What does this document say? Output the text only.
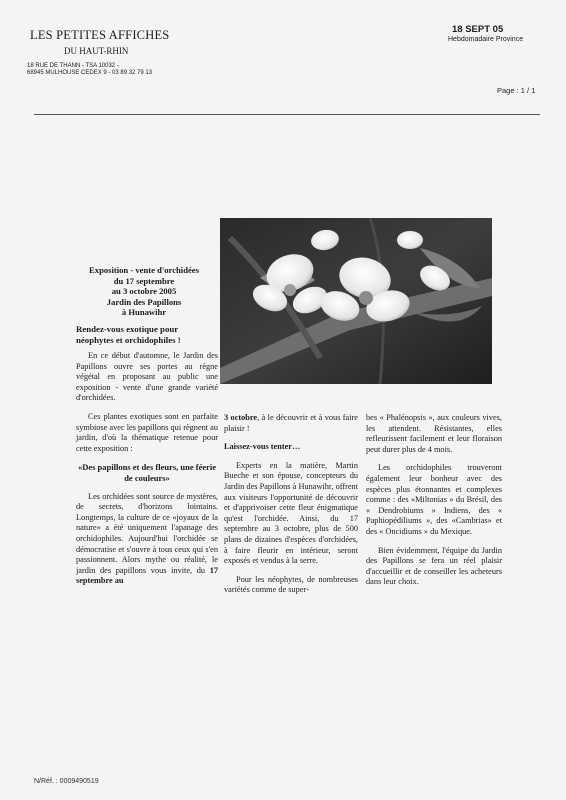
LES PETITES AFFICHES
DU HAUT-RHIN
18 RUE DE THANN - TSA 10032 -
68945 MULHOUSE CEDEX 9 - 03 89 32 79 13
18 SEPT 05
Hebdomadaire Province
Page : 1 / 1
Exposition - vente d'orchidées
du 17 septembre
au 3 octobre 2005
Jardin des Papillons
à Hunawihr
Rendez-vous exotique pour néophytes et orchidophiles !

En ce début d'automne, le Jardin des Papillons ouvre ses portes au règne végétal en proposant au public une exposition - vente d'une grande variété d'orchidées.

Ces plantes exotiques sont en parfaite symbiose avec les papillons qui règnent au jardin, d'où la thématique retenue pour cette exposition :

«Des papillons et des fleurs, une féerie de couleurs»

Les orchidées sont source de mystères, de secrets, d'horizons lointains. Longtemps, la culture de ce «joyaux de la nature» a été uniquement l'apanage des orchidophiles. Aujourd'hui l'orchidée se démocratise et s'ouvre à tous ceux qui s'en passionnent. Alors mythe ou réalité, le jardin des papillons vous invite, du 17 septembre au

3 octobre, à le découvrir et à vous faire plaisir !

Laissez-vous tenter…

Experts en la matière, Martin Bueche et son épouse, concepteurs du Jardin des Papillons à Hunawihr, offrent aux visiteurs l'opportunité de découvrir et d'apprivoiser cette fleur énigmatique qu'est l'orchidée. Ainsi, du 17 septembre au 3 octobre, plus de 500 plans de dizaines d'espèces d'orchidées, à faire fleurir en intérieur, seront exposés et vendus à la serre.

Pour les néophytes, de nombreuses variétés comme de super-

bes « Phalénopsis », aux couleurs vives, les attendent. Résistantes, elles refleurissent facilement et leur floraison peut durer plus de 4 mois.

Les orchidophiles trouveront également leur bonheur avec des espèces plus étonnantes et complexes comme : des «Miltonias » du Brésil, des « Dendrobiums » Indiens, des « Paphiopédiliums », des «Cambrias» et des « Oncidiums » du Mexique.

Bien évidemment, l'équipe du Jardin des Papillons se fera un réel plaisir d'accueillir et de conseiller les acheteurs dans leur choix.

N/Réf. : 0009490519
